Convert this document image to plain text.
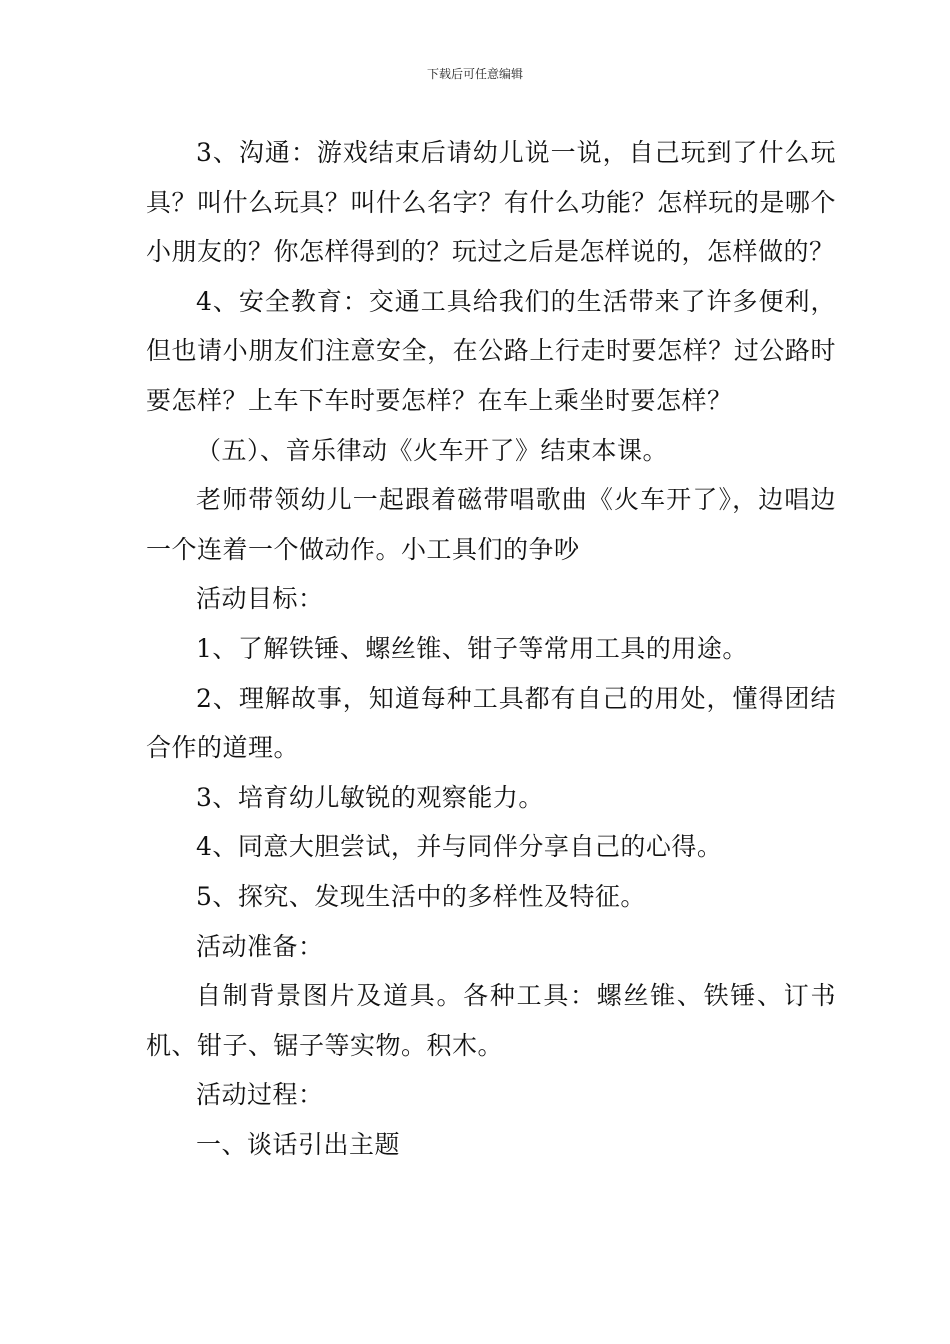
下载后可任意编辑

3、沟通：游戏结束后请幼儿说一说，自己玩到了什么玩具？叫什么玩具？叫什么名字？有什么功能？怎样玩的是哪个小朋友的？你怎样得到的？玩过之后是怎样说的，怎样做的？

4、安全教育：交通工具给我们的生活带来了许多便利，但也请小朋友们注意安全，在公路上行走时要怎样？过公路时要怎样？上车下车时要怎样？在车上乘坐时要怎样？

（五）、音乐律动《火车开了》结束本课。

老师带领幼儿一起跟着磁带唱歌曲《火车开了》，边唱边一个连着一个做动作。小工具们的争吵

活动目标：

1、了解铁锤、螺丝锥、钳子等常用工具的用途。

2、理解故事，知道每种工具都有自己的用处，懂得团结合作的道理。

3、培育幼儿敏锐的观察能力。

4、同意大胆尝试，并与同伴分享自己的心得。

5、探究、发现生活中的多样性及特征。

活动准备：

自制背景图片及道具。各种工具：螺丝锥、铁锤、订书机、钳子、锯子等实物。积木。

活动过程：

一、谈话引出主题
